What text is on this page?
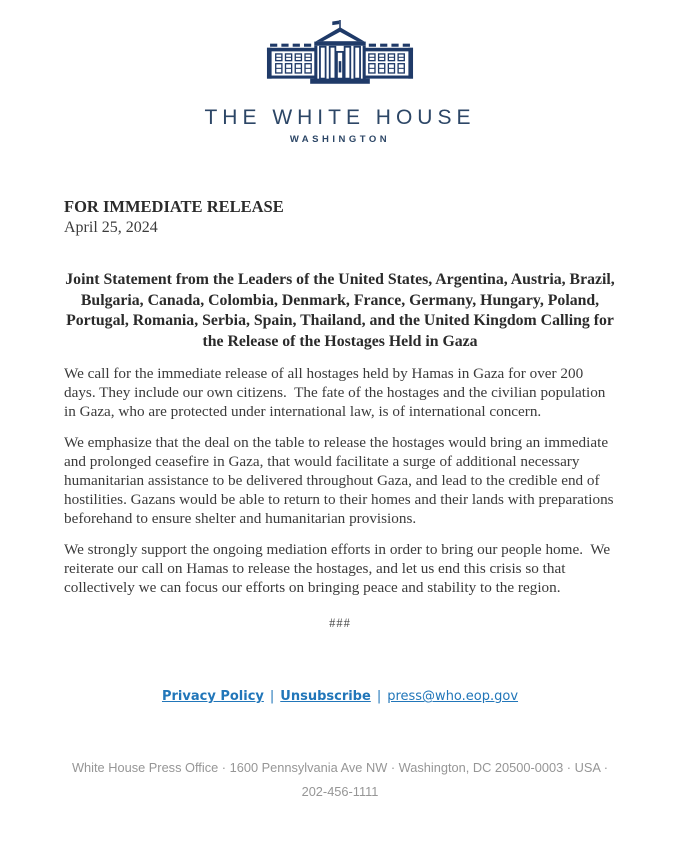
THE WHITE HOUSE
WASHINGTON
FOR IMMEDIATE RELEASE
April 25, 2024
Joint Statement from the Leaders of the United States, Argentina, Austria, Brazil, Bulgaria, Canada, Colombia, Denmark, France, Germany, Hungary, Poland, Portugal, Romania, Serbia, Spain, Thailand, and the United Kingdom Calling for the Release of the Hostages Held in Gaza

We call for the immediate release of all hostages held by Hamas in Gaza for over 200 days. They include our own citizens.  The fate of the hostages and the civilian population in Gaza, who are protected under international law, is of international concern.

We emphasize that the deal on the table to release the hostages would bring an immediate and prolonged ceasefire in Gaza, that would facilitate a surge of additional necessary humanitarian assistance to be delivered throughout Gaza, and lead to the credible end of hostilities. Gazans would be able to return to their homes and their lands with preparations beforehand to ensure shelter and humanitarian provisions.

We strongly support the ongoing mediation efforts in order to bring our people home.  We reiterate our call on Hamas to release the hostages, and let us end this crisis so that collectively we can focus our efforts on bringing peace and stability to the region.

###
Privacy Policy | Unsubscribe | press@who.eop.gov
White House Press Office · 1600 Pennsylvania Ave NW · Washington, DC 20500-0003 · USA ·
202-456-1111
